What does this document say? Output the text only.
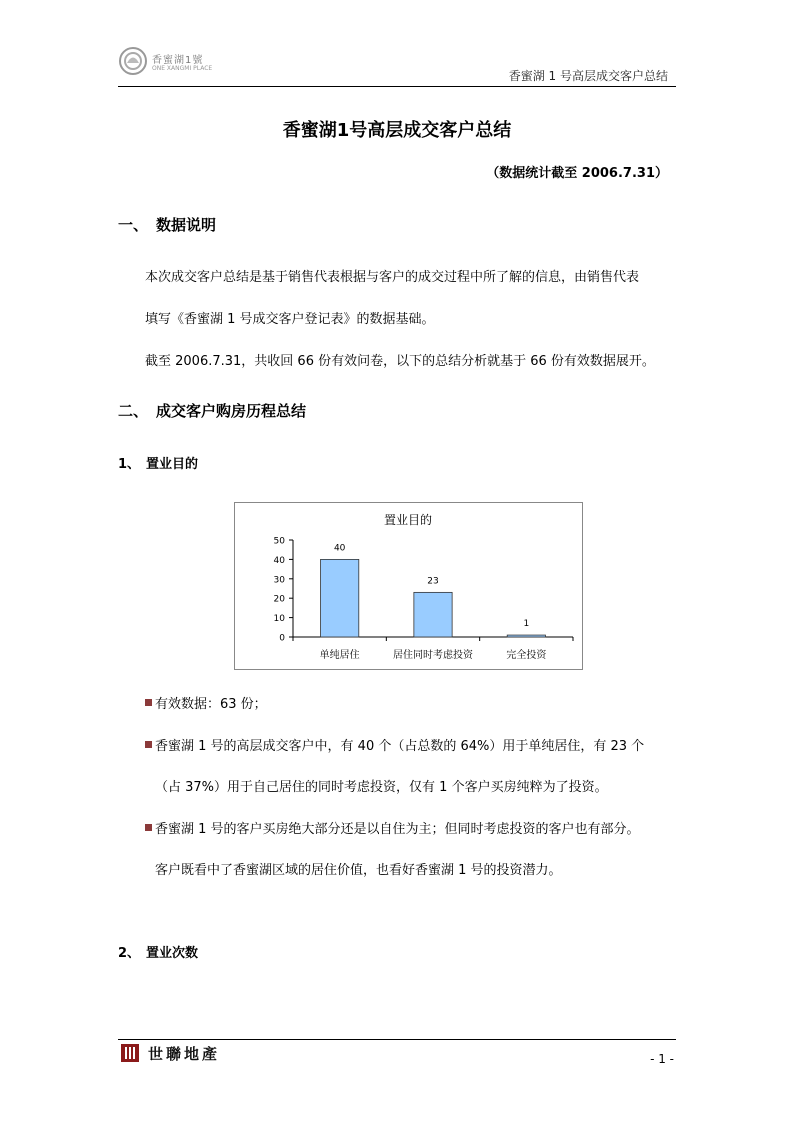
香蜜湖1號
ONE XANGMI PLACE
香蜜湖 1 号高层成交客户总结
香蜜湖1号高层成交客户总结
（数据统计截至 2006.7.31）
一、 数据说明
本次成交客户总结是基于销售代表根据与客户的成交过程中所了解的信息，由销售代表
填写《香蜜湖 1 号成交客户登记表》的数据基础。
截至 2006.7.31，共收回 66 份有效问卷，以下的总结分析就基于 66 份有效数据展开。
二、 成交客户购房历程总结
1、 置业目的
置业目的
50
40
30
20
10
0
40
单纯居住
23
居住同时考虑投资
1
完全投资
有效数据：63 份；
香蜜湖 1 号的高层成交客户中，有 40 个（占总数的 64%）用于单纯居住，有 23 个
（占 37%）用于自己居住的同时考虑投资，仅有 1 个客户买房纯粹为了投资。
香蜜湖 1 号的客户买房绝大部分还是以自住为主；但同时考虑投资的客户也有部分。
客户既看中了香蜜湖区域的居住价值，也看好香蜜湖 1 号的投资潜力。
2、 置业次数
世聯地產	- 1 -
